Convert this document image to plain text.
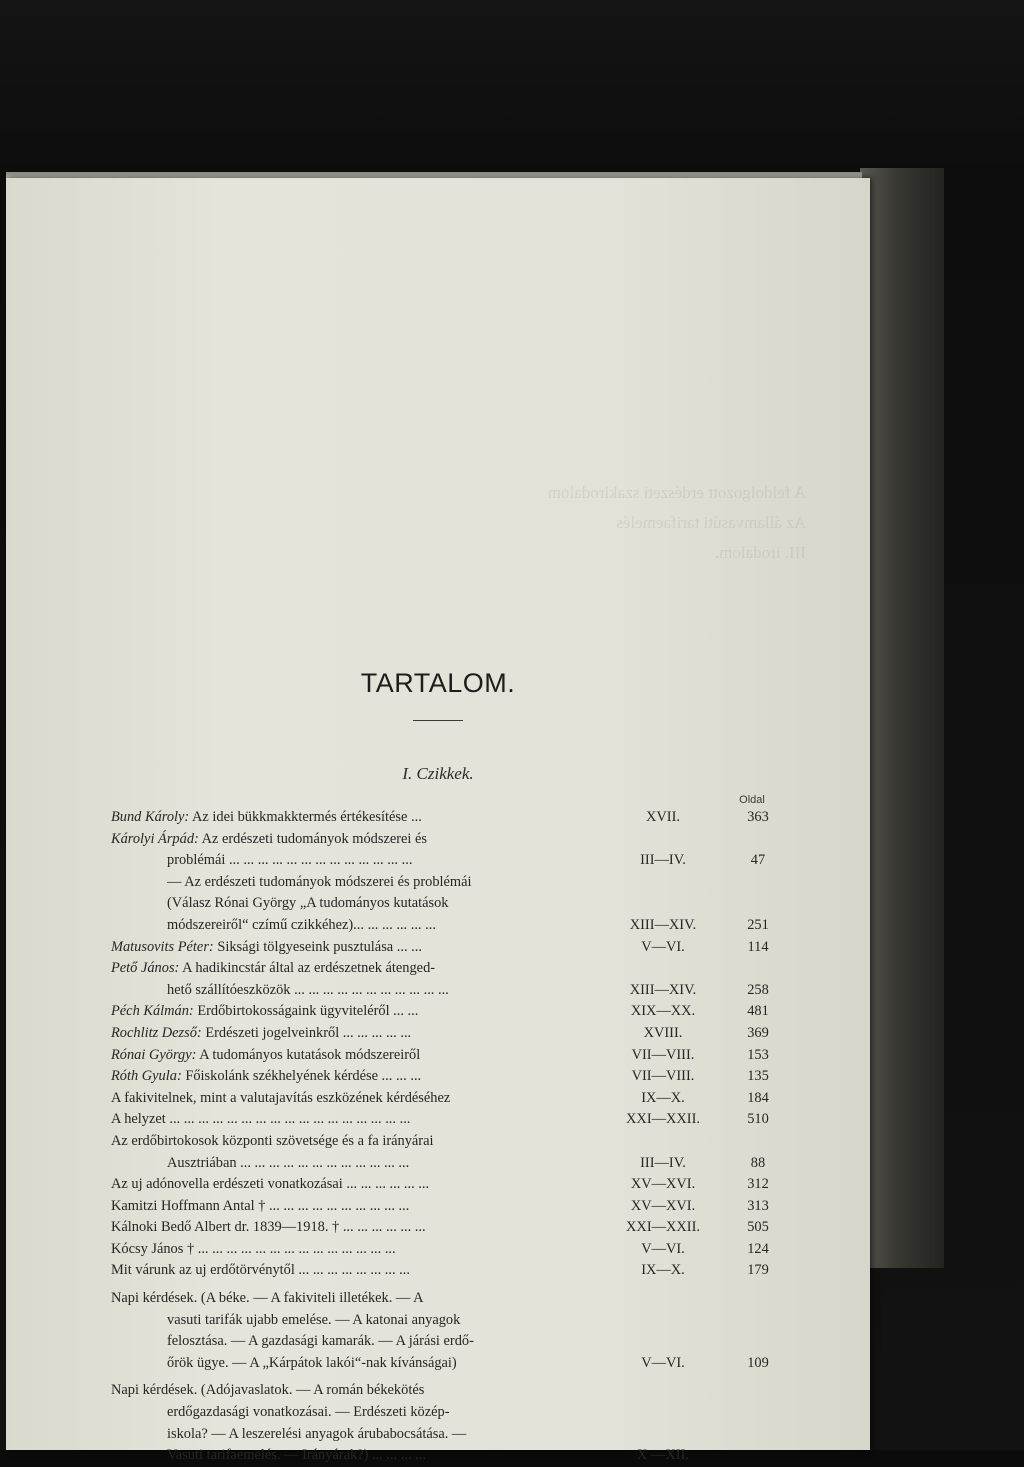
A feldolgozott erdészeti szakirodalom
Az államvasúti tarifaemelés
III. irodalom.
TARTALOM.
I. Czikkek.
Oldal
Bund Károly: Az idei bükkmakktermés értékesítése ...	XVII.	363
Károlyi Árpád: Az erdészeti tudományok módszerei és
problémái ... ... ... ... ... ... ... ... ... ... ... ... ...	III—IV.	47
— Az erdészeti tudományok módszerei és problémái
(Válasz Rónai György „A tudományos kutatások
módszereiről“ czímű czikkéhez)... ... ... ... ... ...	XIII—XIV.	251
Matusovits Péter: Siksági tölgyeseink pusztulása ... ...	V—VI.	114
Pető János: A hadikincstár által az erdészetnek átenged-
hető szállítóeszközök ... ... ... ... ... ... ... ... ... ... ...	XIII—XIV.	258
Péch Kálmán: Erdőbirtokosságaink ügyviteléről ... ...	XIX—XX.	481
Rochlitz Dezső: Erdészeti jogelveinkről ... ... ... ... ...	XVIII.	369
Rónai György: A tudományos kutatások módszereiről	VII—VIII.	153
Róth Gyula: Főiskolánk székhelyének kérdése ... ... ...	VII—VIII.	135
A fakivitelnek, mint a valutajavítás eszközének kérdéséhez	IX—X.	184
A helyzet ... ... ... ... ... ... ... ... ... ... ... ... ... ... ... ... ...	XXI—XXII.	510
Az erdőbirtokosok központi szövetsége és a fa irányárai
Ausztriában ... ... ... ... ... ... ... ... ... ... ... ...	III—IV.	88
Az uj adónovella erdészeti vonatkozásai ... ... ... ... ... ...	XV—XVI.	312
Kamitzi Hoffmann Antal † ... ... ... ... ... ... ... ... ... ...	XV—XVI.	313
Kálnoki Bedő Albert dr. 1839—1918. † ... ... ... ... ... ...	XXI—XXII.	505
Kócsy János † ... ... ... ... ... ... ... ... ... ... ... ... ... ...	V—VI.	124
Mit várunk az uj erdőtörvénytől ... ... ... ... ... ... ... ...	IX—X.	179
Napi kérdések. (A béke. — A fakiviteli illetékek. — A
vasuti tarifák ujabb emelése. — A katonai anyagok
felosztása. — A gazdasági kamarák. — A járási erdő-
őrök ügye. — A „Kárpátok lakói“-nak kívánságai)	V—VI.	109
Napi kérdések. (Adójavaslatok. — A román békekötés
erdőgazdasági vonatkozásai. — Erdészeti közép-
iskola? — A leszerelési anyagok árubabocsátása. —
Vasuti tarifaemelés. — Irányárak?) ... ... ... ...	X —XII.
